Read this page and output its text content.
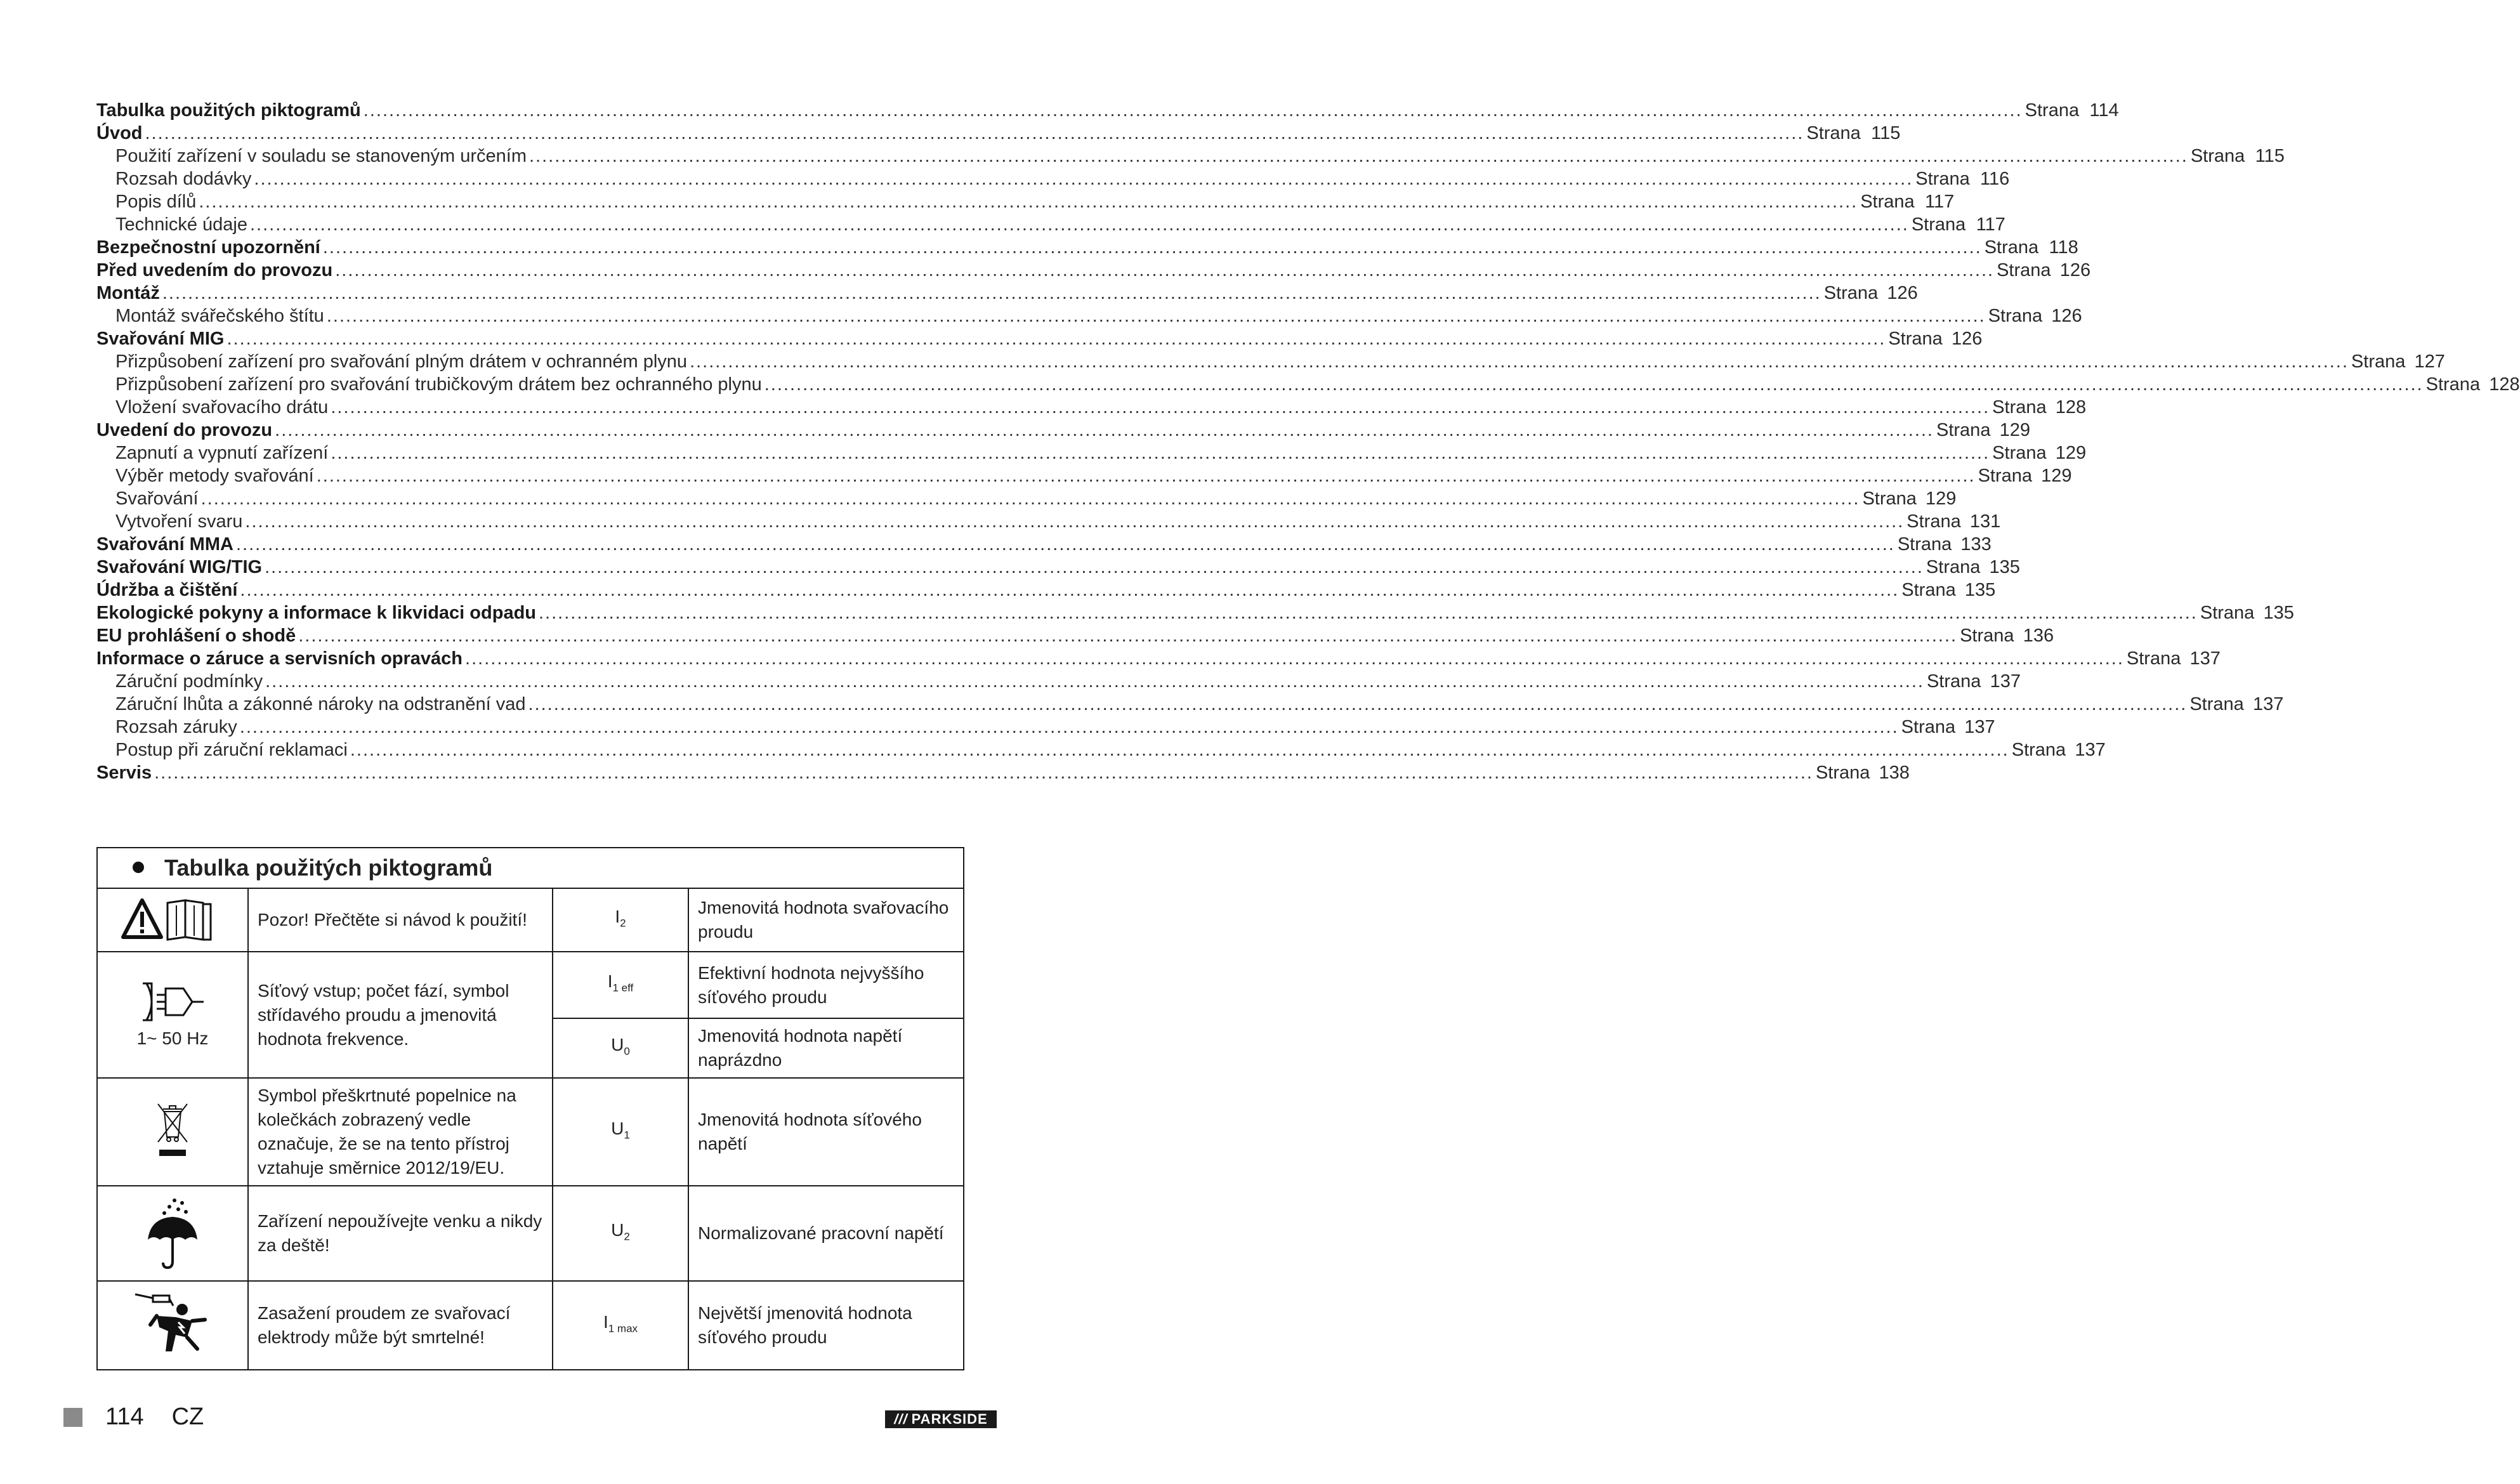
Tabulka použitých piktogramů .................................................................................................................................................................................................................................................................... Strana 114
Úvod .................................................................................................................................................................................................................................................................... Strana 115
Použití zařízení v souladu se stanoveným určením .................................................................................................................................................................................................................................................................... Strana 115
Rozsah dodávky .................................................................................................................................................................................................................................................................... Strana 116
Popis dílů .................................................................................................................................................................................................................................................................... Strana 117
Technické údaje .................................................................................................................................................................................................................................................................... Strana 117
Bezpečnostní upozornění .................................................................................................................................................................................................................................................................... Strana 118
Před uvedením do provozu .................................................................................................................................................................................................................................................................... Strana 126
Montáž .................................................................................................................................................................................................................................................................... Strana 126
Montáž svářečského štítu .................................................................................................................................................................................................................................................................... Strana 126
Svařování MIG .................................................................................................................................................................................................................................................................... Strana 126
Přizpůsobení zařízení pro svařování plným drátem v ochranném plynu .................................................................................................................................................................................................................................................................... Strana 127
Přizpůsobení zařízení pro svařování trubičkovým drátem bez ochranného plynu .................................................................................................................................................................................................................................................................... Strana 128
Vložení svařovacího drátu .................................................................................................................................................................................................................................................................... Strana 128
Uvedení do provozu .................................................................................................................................................................................................................................................................... Strana 129
Zapnutí a vypnutí zařízení .................................................................................................................................................................................................................................................................... Strana 129
Výběr metody svařování .................................................................................................................................................................................................................................................................... Strana 129
Svařování .................................................................................................................................................................................................................................................................... Strana 129
Vytvoření svaru .................................................................................................................................................................................................................................................................... Strana 131
Svařování MMA .................................................................................................................................................................................................................................................................... Strana 133
Svařování WIG/TIG .................................................................................................................................................................................................................................................................... Strana 135
Údržba a čištění .................................................................................................................................................................................................................................................................... Strana 135
Ekologické pokyny a informace k likvidaci odpadu .................................................................................................................................................................................................................................................................... Strana 135
EU prohlášení o shodě .................................................................................................................................................................................................................................................................... Strana 136
Informace o záruce a servisních opravách .................................................................................................................................................................................................................................................................... Strana 137
Záruční podmínky .................................................................................................................................................................................................................................................................... Strana 137
Záruční lhůta a zákonné nároky na odstranění vad .................................................................................................................................................................................................................................................................... Strana 137
Rozsah záruky .................................................................................................................................................................................................................................................................... Strana 137
Postup při záruční reklamaci .................................................................................................................................................................................................................................................................... Strana 137
Servis .................................................................................................................................................................................................................................................................... Strana 138
Tabulka použitých piktogramů			
	Pozor! Přečtěte si návod k použití!	$I_2$	Jmenovitá hodnota svařovacího proudu

1~ 50 Hz	Síťový vstup; počet fází, symbol střídavého proudu a jmenovitá hodnota frekvence.	$I_{1 eff}$	Efektivní hodnota nejvyššího síťového proudu
		$U_0$	Jmenovitá hodnota napětí naprázdno
	Symbol přeškrtnuté popelnice na kolečkách zobrazený vedle označuje, že se na tento přístroj vztahuje směrnice 2012/19/EU.	$U_1$	Jmenovitá hodnota síťového napětí
	Zařízení nepoužívejte venku a nikdy za deště!	$U_2$	Normalizované pracovní napětí
	Zasažení proudem ze svařovací elektrody může být smrtelné!	$I_{1 max}$	Největší jmenovitá hodnota síťového proudu
114 CZ	/// PARKSIDE
